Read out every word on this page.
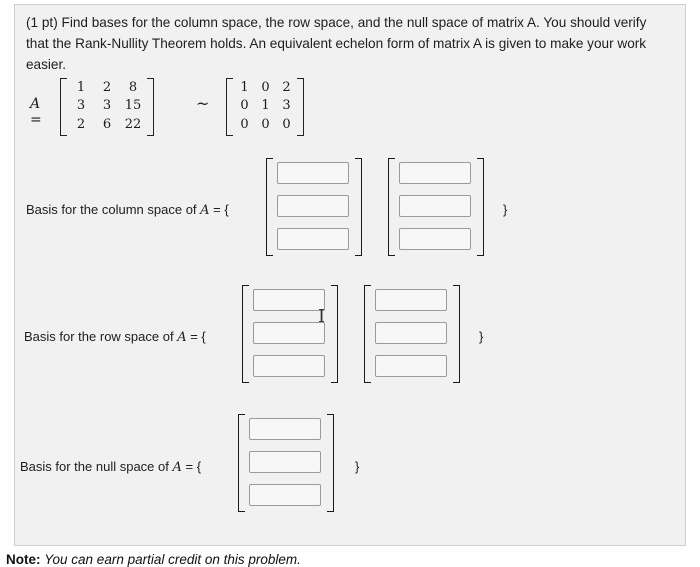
(1 pt) Find bases for the column space, the row space, and the null space of matrix A. You should verify that the Rank-Nullity Theorem holds. An equivalent echelon form of matrix A is given to make your work easier.
A =
1	2	8
3	3	15
2	6	22
~
1	0	2
0	1	3
0	0	0
Basis for the column space of A = {	}
Basis for the row space of A = {	}
I
Basis for the null space of A = {	}
Note: You can earn partial credit on this problem.
